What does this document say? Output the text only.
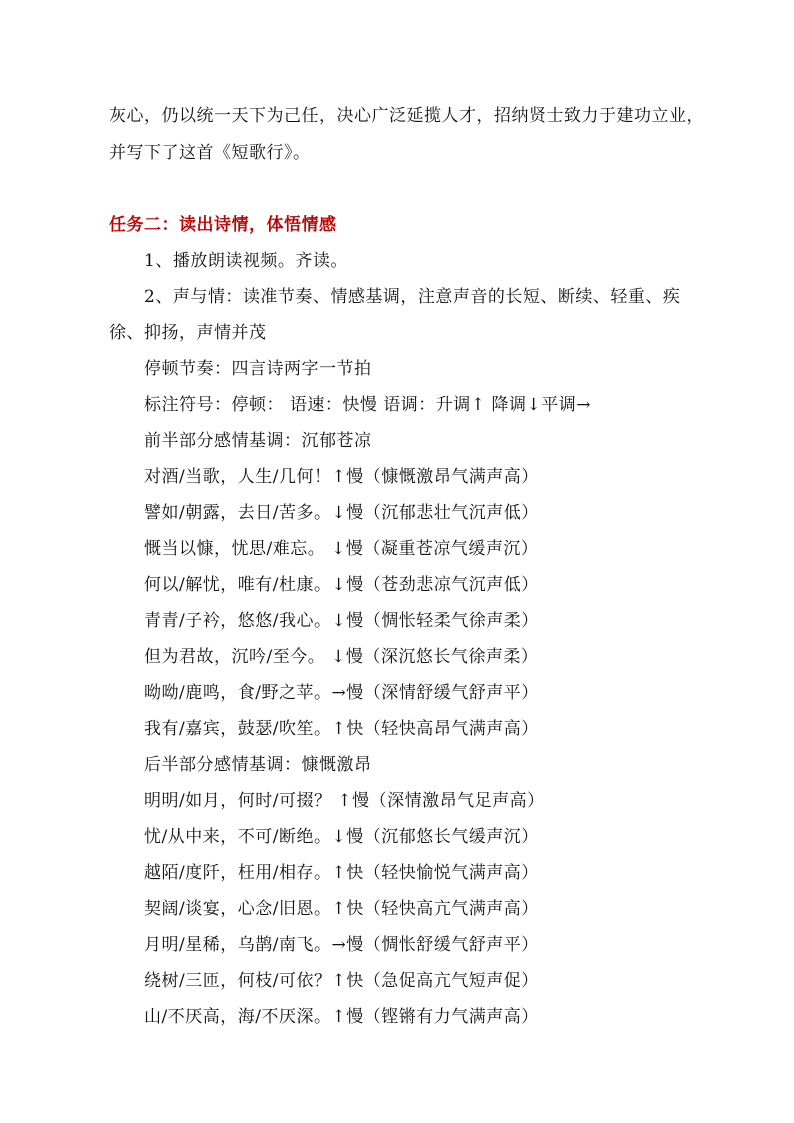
灰心，仍以统一天下为己任，决心广泛延揽人才，招纳贤士致力于建功立业，
并写下了这首《短歌行》。
任务二：读出诗情，体悟情感
1、播放朗读视频。齐读。
2、声与情：读准节奏、情感基调，注意声音的长短、断续、轻重、疾
徐、抑扬，声情并茂
停顿节奏：四言诗两字一节拍
标注符号：停顿： 语速：快慢 语调：升调↑ 降调↓平调→
前半部分感情基调：沉郁苍凉
对酒/当歌，人生/几何！↑慢（慷慨激昂气满声高）
譬如/朝露，去日/苦多。↓慢（沉郁悲壮气沉声低）
慨当以慷，忧思/难忘。 ↓慢（凝重苍凉气缓声沉）
何以/解忧，唯有/杜康。↓慢（苍劲悲凉气沉声低）
青青/子衿，悠悠/我心。↓慢（惆怅轻柔气徐声柔）
但为君故，沉吟/至今。 ↓慢（深沉悠长气徐声柔）
呦呦/鹿鸣，食/野之苹。→慢（深情舒缓气舒声平）
我有/嘉宾，鼓瑟/吹笙。↑快（轻快高昂气满声高）
后半部分感情基调：慷慨激昂
明明/如月，何时/可掇？ ↑慢（深情激昂气足声高）
忧/从中来，不可/断绝。↓慢（沉郁悠长气缓声沉）
越陌/度阡，枉用/相存。↑快（轻快愉悦气满声高）
契阔/谈宴，心念/旧恩。↑快（轻快高亢气满声高）
月明/星稀，乌鹊/南飞。→慢（惆怅舒缓气舒声平）
绕树/三匝，何枝/可依？↑快（急促高亢气短声促）
山/不厌高，海/不厌深。↑慢（铿锵有力气满声高）
